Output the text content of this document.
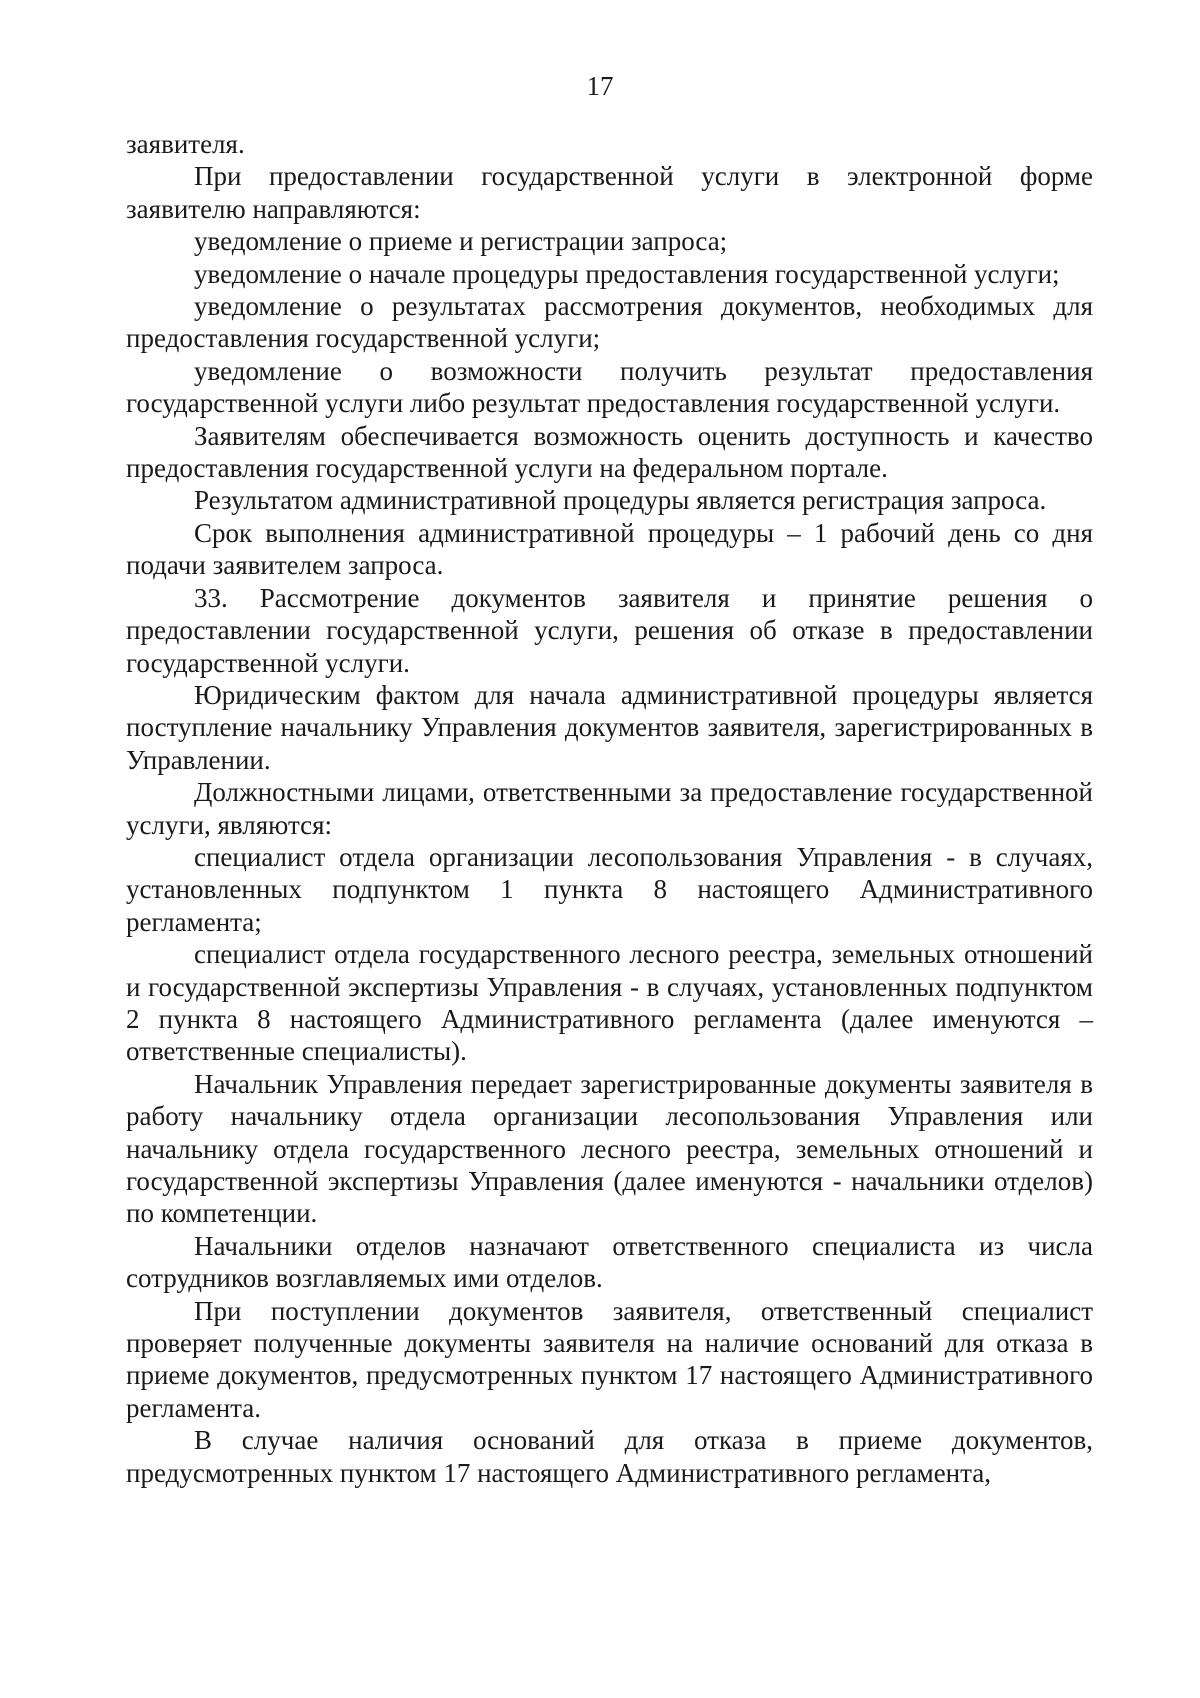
17

заявителя.

При предоставлении государственной услуги в электронной форме заявителю направляются:

уведомление о приеме и регистрации запроса;

уведомление о начале процедуры предоставления государственной услуги;

уведомление о результатах рассмотрения документов, необходимых для предоставления государственной услуги;

уведомление о возможности получить результат предоставления государственной услуги либо результат предоставления государственной услуги.

Заявителям обеспечивается возможность оценить доступность и качество предоставления государственной услуги на федеральном портале.

Результатом административной процедуры является регистрация запроса.

Срок выполнения административной процедуры – 1 рабочий день со дня подачи заявителем запроса.

33. Рассмотрение документов заявителя и принятие решения о предоставлении государственной услуги, решения об отказе в предоставлении государственной услуги.

Юридическим фактом для начала административной процедуры является поступление начальнику Управления документов заявителя, зарегистрированных в Управлении.

Должностными лицами, ответственными за предоставление государственной услуги, являются:

специалист отдела организации лесопользования Управления - в случаях, установленных подпунктом 1 пункта 8 настоящего Административного регламента;

специалист отдела государственного лесного реестра, земельных отношений и государственной экспертизы Управления - в случаях, установленных подпунктом 2 пункта 8 настоящего Административного регламента (далее именуются – ответственные специалисты).

Начальник Управления передает зарегистрированные документы заявителя в работу начальнику отдела организации лесопользования Управления или начальнику отдела государственного лесного реестра, земельных отношений и государственной экспертизы Управления (далее именуются - начальники отделов) по компетенции.

Начальники отделов назначают ответственного специалиста из числа сотрудников возглавляемых ими отделов.

При поступлении документов заявителя, ответственный специалист проверяет полученные документы заявителя на наличие оснований для отказа в приеме документов, предусмотренных пунктом 17 настоящего Административного регламента.

В случае наличия оснований для отказа в приеме документов, предусмотренных пунктом 17 настоящего Административного регламента,
